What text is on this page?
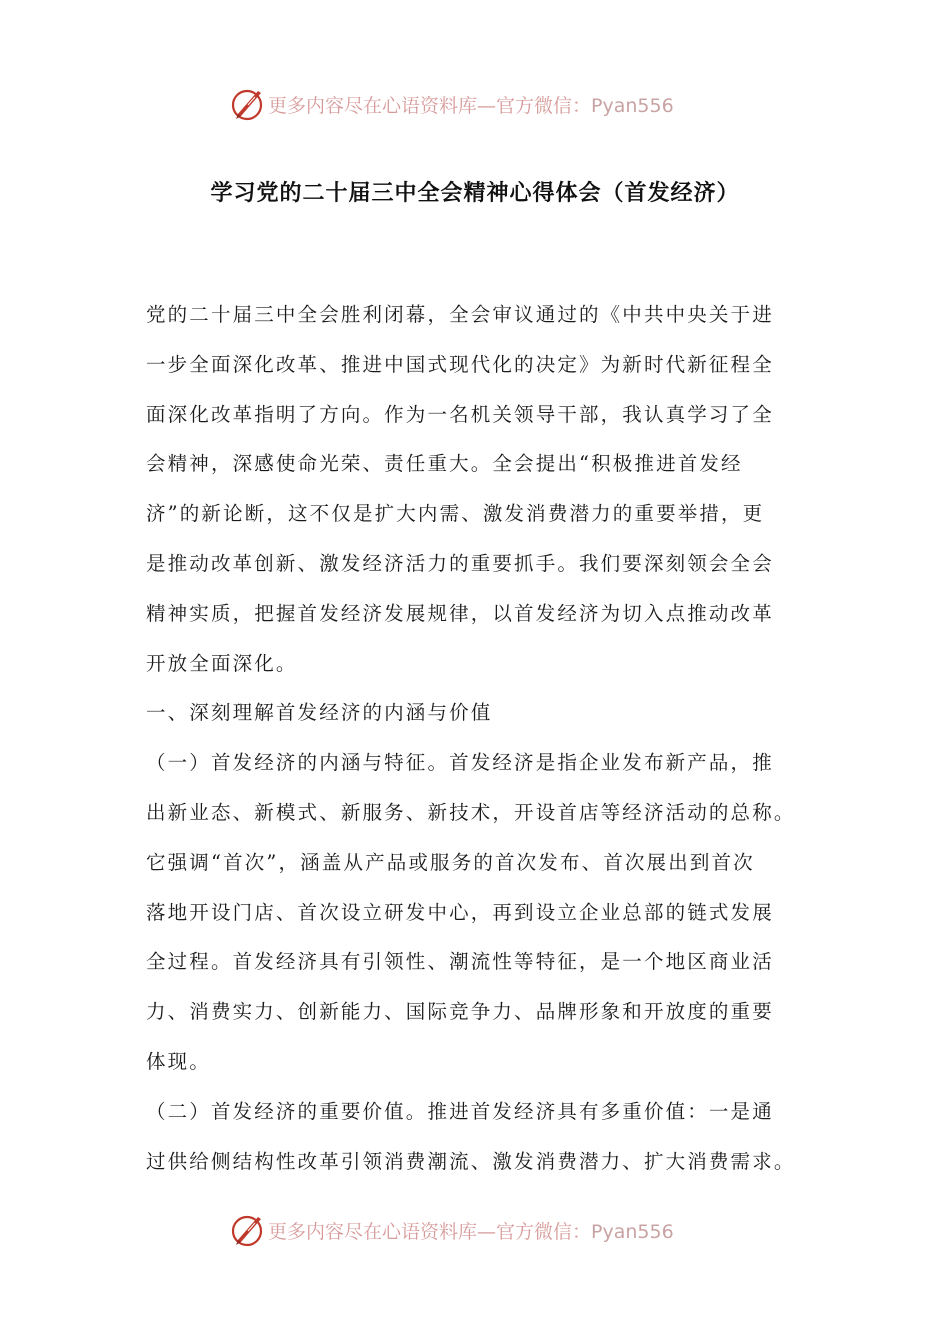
更多内容尽在心语资料库—官方微信：Pyan556
学习党的二十届三中全会精神心得体会（首发经济）
党的二十届三中全会胜利闭幕，全会审议通过的《中共中央关于进
一步全面深化改革、推进中国式现代化的决定》为新时代新征程全
面深化改革指明了方向。作为一名机关领导干部，我认真学习了全
会精神，深感使命光荣、责任重大。全会提出“积极推进首发经
济”的新论断，这不仅是扩大内需、激发消费潜力的重要举措，更
是推动改革创新、激发经济活力的重要抓手。我们要深刻领会全会
精神实质，把握首发经济发展规律，以首发经济为切入点推动改革
开放全面深化。
一、深刻理解首发经济的内涵与价值
（一）首发经济的内涵与特征。首发经济是指企业发布新产品，推
出新业态、新模式、新服务、新技术，开设首店等经济活动的总称。
它强调“首次”，涵盖从产品或服务的首次发布、首次展出到首次
落地开设门店、首次设立研发中心，再到设立企业总部的链式发展
全过程。首发经济具有引领性、潮流性等特征，是一个地区商业活
力、消费实力、创新能力、国际竞争力、品牌形象和开放度的重要
体现。
（二）首发经济的重要价值。推进首发经济具有多重价值：一是通
过供给侧结构性改革引领消费潮流、激发消费潜力、扩大消费需求。
更多内容尽在心语资料库—官方微信：Pyan556
